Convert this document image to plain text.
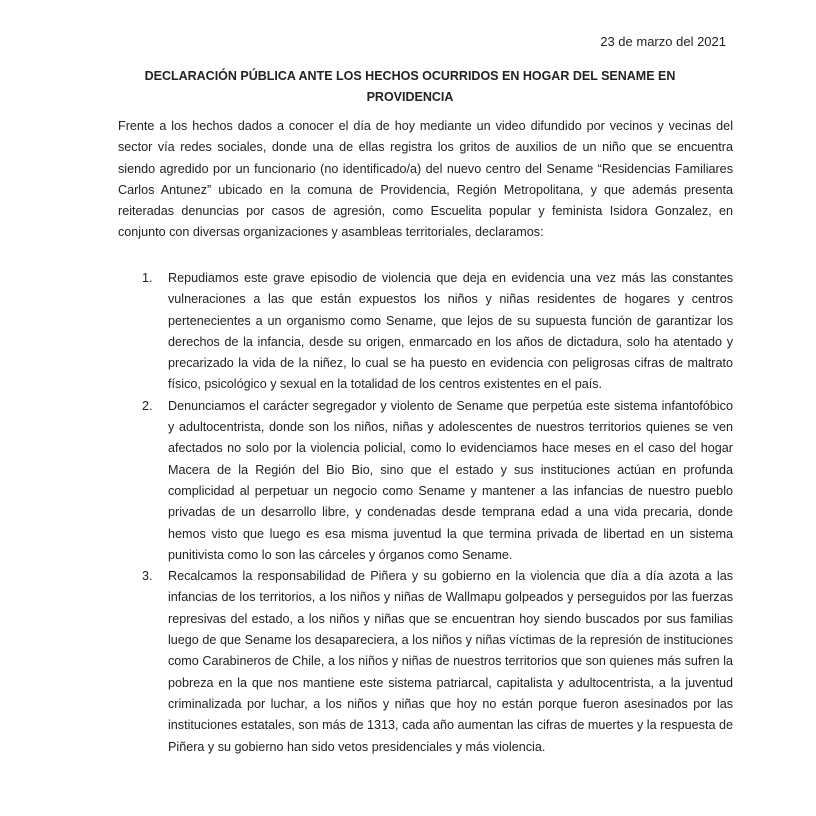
23 de marzo del 2021
DECLARACIÓN PÚBLICA ANTE LOS HECHOS OCURRIDOS EN HOGAR DEL SENAME EN PROVIDENCIA

Frente a los hechos dados a conocer el día de hoy mediante un video difundido por vecinos y vecinas del sector vía redes sociales, donde una de ellas registra los gritos de auxilios de un niño que se encuentra siendo agredido por un funcionario (no identificado/a) del nuevo centro del Sename “Residencias Familiares Carlos Antunez” ubicado en la comuna de Providencia, Región Metropolitana, y que además presenta reiteradas denuncias por casos de agresión, como Escuelita popular y feminista Isidora Gonzalez, en conjunto con diversas organizaciones y asambleas territoriales, declaramos:

1. Repudiamos este grave episodio de violencia que deja en evidencia una vez más las constantes vulneraciones a las que están expuestos los niños y niñas residentes de hogares y centros pertenecientes a un organismo como Sename, que lejos de su supuesta función de garantizar los derechos de la infancia, desde su origen, enmarcado en los años de dictadura, solo ha atentado y precarizado la vida de la niñez, lo cual se ha puesto en evidencia con peligrosas cifras de maltrato físico, psicológico y sexual en la totalidad de los centros existentes en el país.
2. Denunciamos el carácter segregador y violento de Sename que perpetúa este sistema infantofóbico y adultocentrista, donde son los niños, niñas y adolescentes de nuestros territorios quienes se ven afectados no solo por la violencia policial, como lo evidenciamos hace meses en el caso del hogar Macera de la Región del Bio Bio, sino que el estado y sus instituciones actúan en profunda complicidad al perpetuar un negocio como Sename y mantener a las infancias de nuestro pueblo privadas de un desarrollo libre, y condenadas desde temprana edad a una vida precaria, donde hemos visto que luego es esa misma juventud la que termina privada de libertad en un sistema punitivista como lo son las cárceles y órganos como Sename.
3. Recalcamos la responsabilidad de Piñera y su gobierno en la violencia que día a día azota a las infancias de los territorios, a los niños y niñas de Wallmapu golpeados y perseguidos por las fuerzas represivas del estado, a los niños y niñas que se encuentran hoy siendo buscados por sus familias luego de que Sename los desapareciera, a los niños y niñas víctimas de la represión de instituciones como Carabineros de Chile, a los niños y niñas de nuestros territorios que son quienes más sufren la pobreza en la que nos mantiene este sistema patriarcal, capitalista y adultocentrista, a la juventud criminalizada por luchar, a los niños y niñas que hoy no están porque fueron asesinados por las instituciones estatales, son más de 1313, cada año aumentan las cifras de muertes y la respuesta de Piñera y su gobierno han sido vetos presidenciales y más violencia.
